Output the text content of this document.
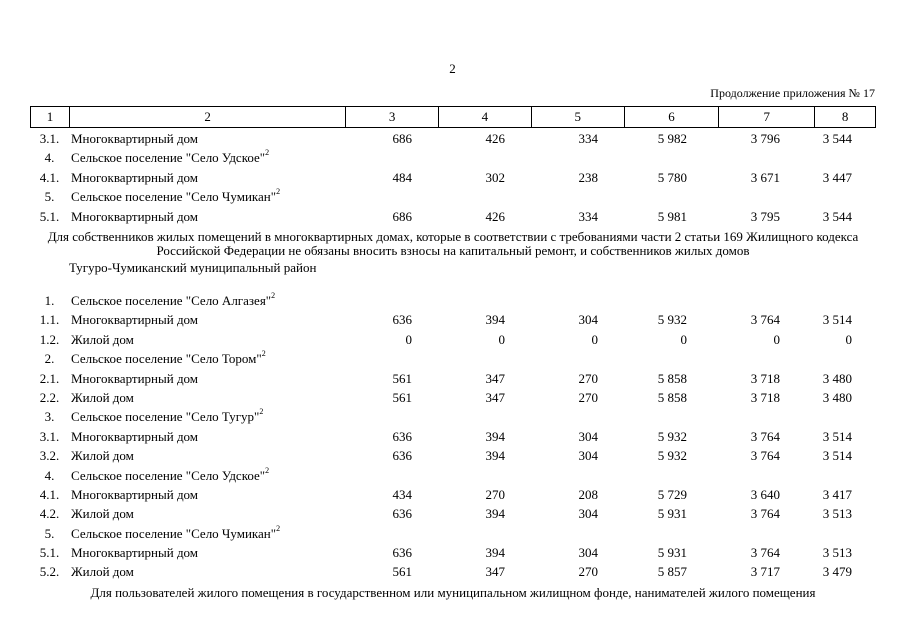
2
Продолжение приложения № 17
1	2	3	4	5	6	7	8
3.1. Многоквартирный дом	686	426	334	5 982	3 796	3 544
4.	Сельское поселение "Село Удское"$^2$
4.1. Многоквартирный дом	484	302	238	5 780	3 671	3 447
5.	Сельское поселение "Село Чумикан"$^2$
5.1. Многоквартирный дом	686	426	334	5 981	3 795	3 544
Для собственников жилых помещений в многоквартирных домах, которые в соответствии с требованиями части 2 статьи 169 Жилищного кодекса Российской Федерации не обязаны вносить взносы на капитальный ремонт, и собственников жилых домов
Тугуро-Чумиканский муниципальный район
1.	Сельское поселение "Село Алгазея"$^2$
1.1. Многоквартирный дом	636	394	304	5 932	3 764	3 514
1.2. Жилой дом	0	0	0	0	0	0
2.	Сельское поселение "Село Тором"$^2$
2.1. Многоквартирный дом	561	347	270	5 858	3 718	3 480
2.2. Жилой дом	561	347	270	5 858	3 718	3 480
3.	Сельское поселение "Село Тугур"$^2$
3.1. Многоквартирный дом	636	394	304	5 932	3 764	3 514
3.2. Жилой дом	636	394	304	5 932	3 764	3 514
4.	Сельское поселение "Село Удское"$^2$
4.1. Многоквартирный дом	434	270	208	5 729	3 640	3 417
4.2. Жилой дом	636	394	304	5 931	3 764	3 513
5.	Сельское поселение "Село Чумикан"$^2$
5.1. Многоквартирный дом	636	394	304	5 931	3 764	3 513
5.2. Жилой дом	561	347	270	5 857	3 717	3 479
Для пользователей жилого помещения в государственном или муниципальном жилищном фонде, нанимателей жилого помещения
